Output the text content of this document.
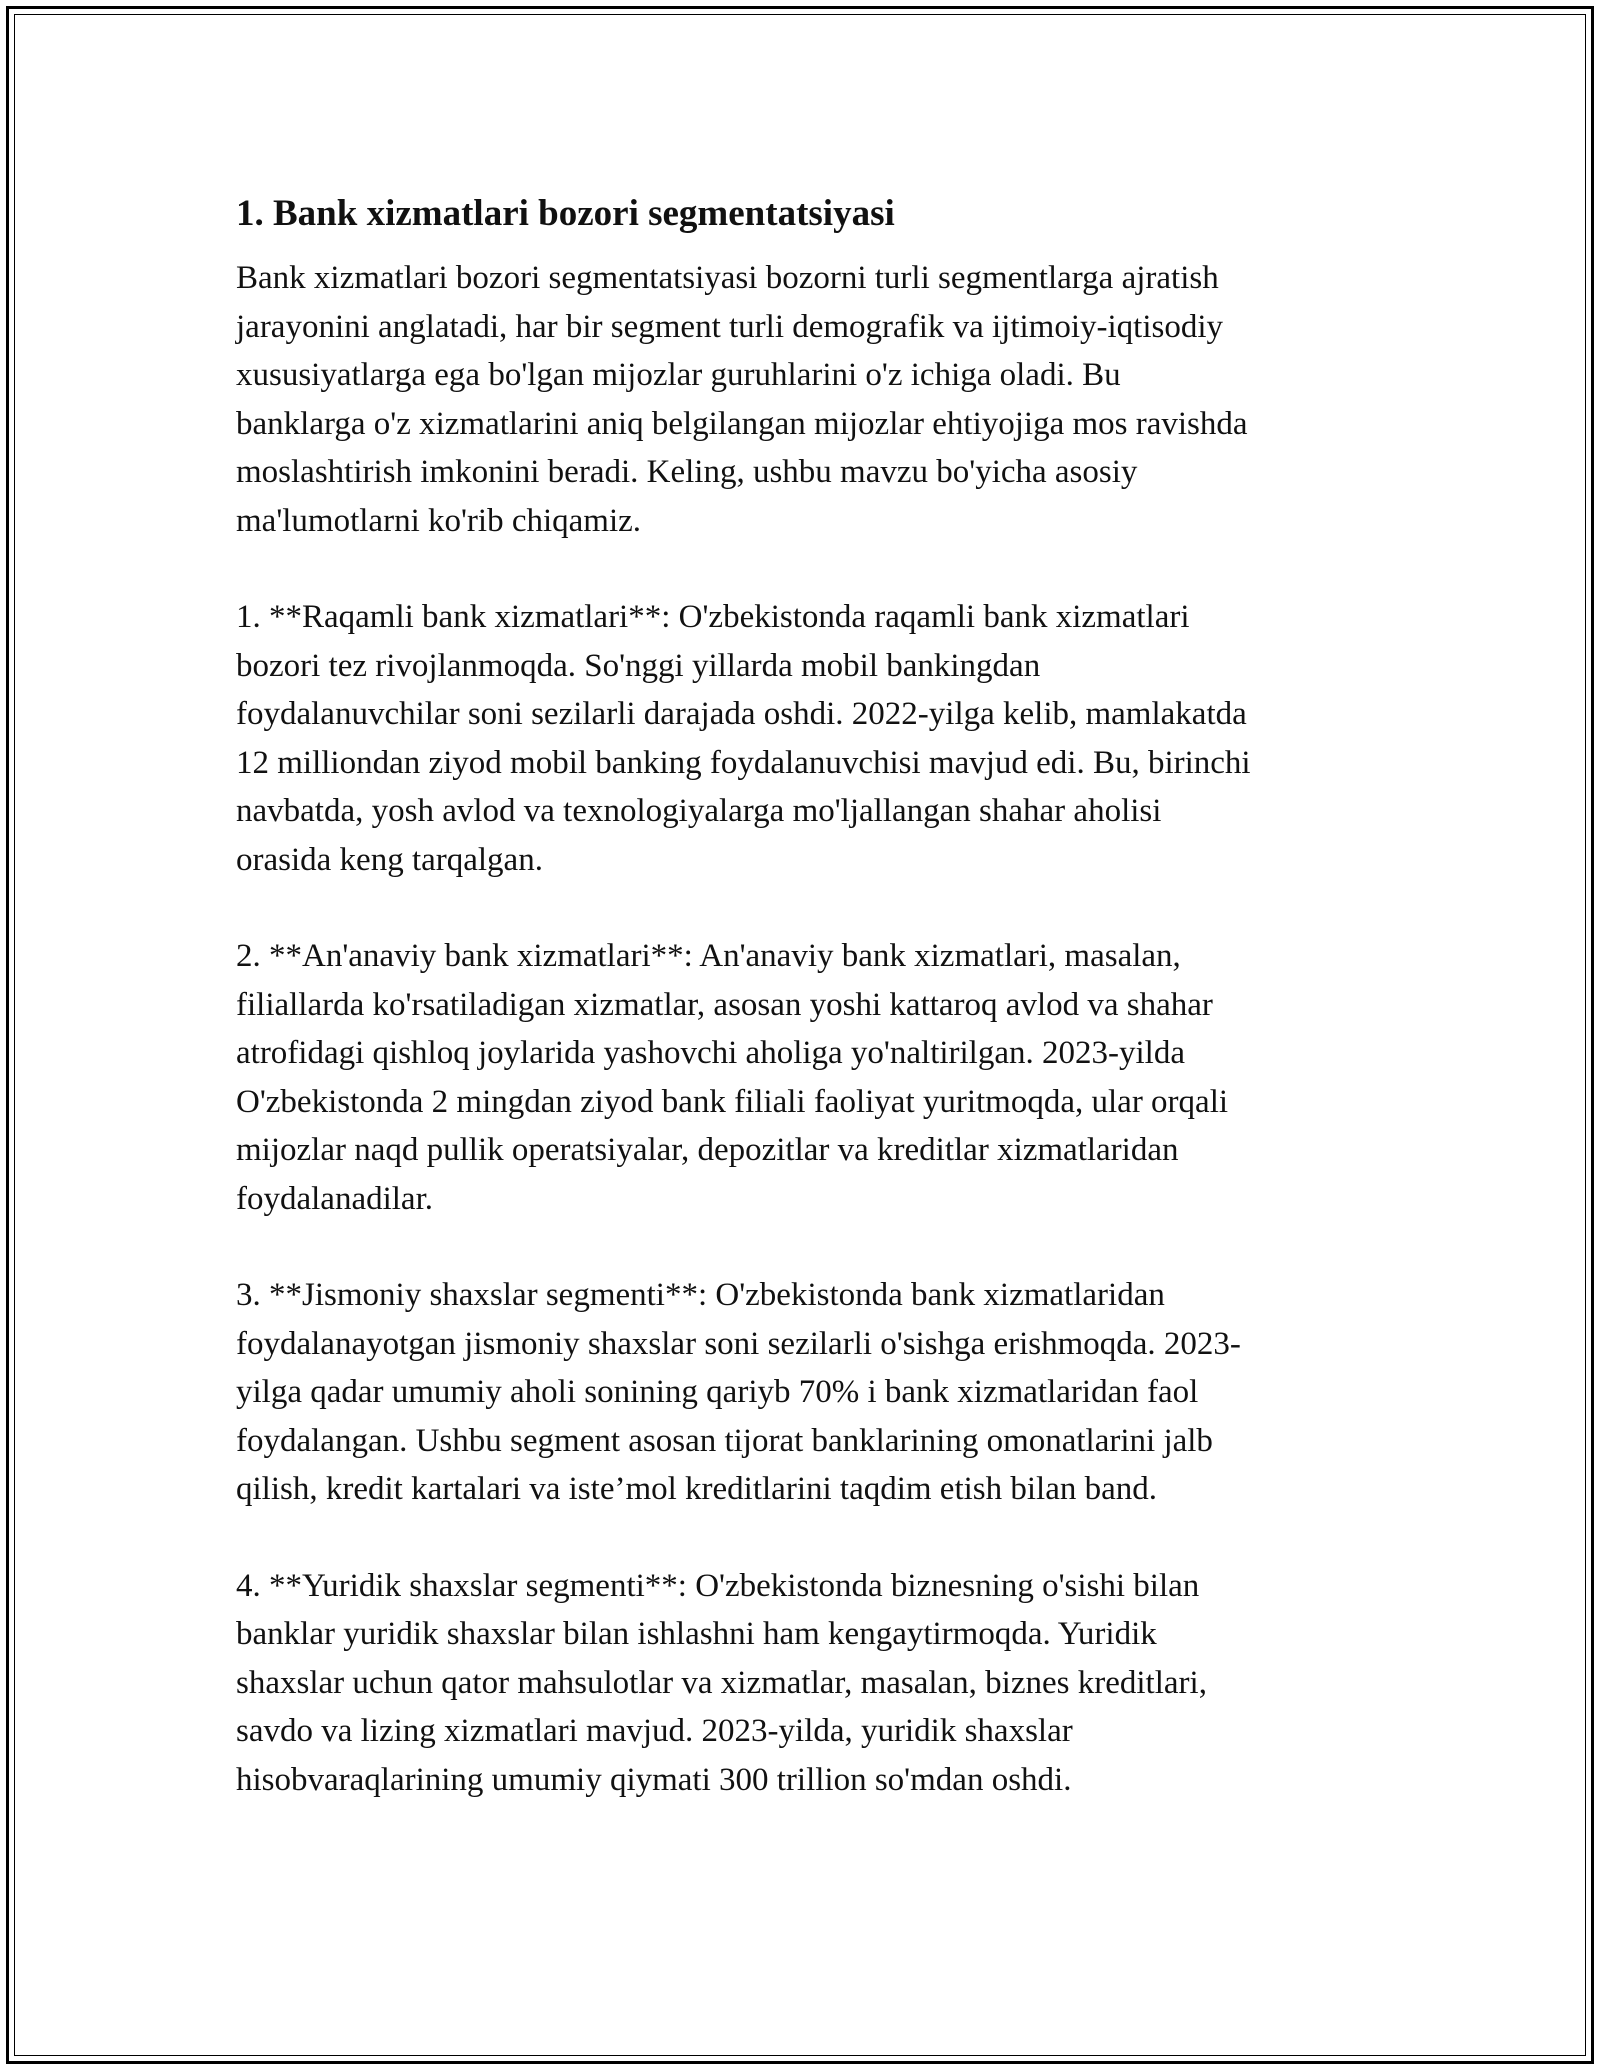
1. Bank xizmatlari bozori segmentatsiyasi

Bank xizmatlari bozori segmentatsiyasi bozorni turli segmentlarga ajratish
jarayonini anglatadi, har bir segment turli demografik va ijtimoiy-iqtisodiy
xususiyatlarga ega bo'lgan mijozlar guruhlarini o'z ichiga oladi. Bu
banklarga o'z xizmatlarini aniq belgilangan mijozlar ehtiyojiga mos ravishda
moslashtirish imkonini beradi. Keling, ushbu mavzu bo'yicha asosiy
ma'lumotlarni ko'rib chiqamiz.

1. **Raqamli bank xizmatlari**: O'zbekistonda raqamli bank xizmatlari
bozori tez rivojlanmoqda. So'nggi yillarda mobil bankingdan
foydalanuvchilar soni sezilarli darajada oshdi. 2022-yilga kelib, mamlakatda
12 milliondan ziyod mobil banking foydalanuvchisi mavjud edi. Bu, birinchi
navbatda, yosh avlod va texnologiyalarga mo'ljallangan shahar aholisi
orasida keng tarqalgan.

2. **An'anaviy bank xizmatlari**: An'anaviy bank xizmatlari, masalan,
filiallarda ko'rsatiladigan xizmatlar, asosan yoshi kattaroq avlod va shahar
atrofidagi qishloq joylarida yashovchi aholiga yo'naltirilgan. 2023-yilda
O'zbekistonda 2 mingdan ziyod bank filiali faoliyat yuritmoqda, ular orqali
mijozlar naqd pullik operatsiyalar, depozitlar va kreditlar xizmatlaridan
foydalanadilar.

3. **Jismoniy shaxslar segmenti**: O'zbekistonda bank xizmatlaridan
foydalanayotgan jismoniy shaxslar soni sezilarli o'sishga erishmoqda. 2023-
yilga qadar umumiy aholi sonining qariyb 70% i bank xizmatlaridan faol
foydalangan. Ushbu segment asosan tijorat banklarining omonatlarini jalb
qilish, kredit kartalari va iste’mol kreditlarini taqdim etish bilan band.

4. **Yuridik shaxslar segmenti**: O'zbekistonda biznesning o'sishi bilan
banklar yuridik shaxslar bilan ishlashni ham kengaytirmoqda. Yuridik
shaxslar uchun qator mahsulotlar va xizmatlar, masalan, biznes kreditlari,
savdo va lizing xizmatlari mavjud. 2023-yilda, yuridik shaxslar
hisobvaraqlarining umumiy qiymati 300 trillion so'mdan oshdi.
